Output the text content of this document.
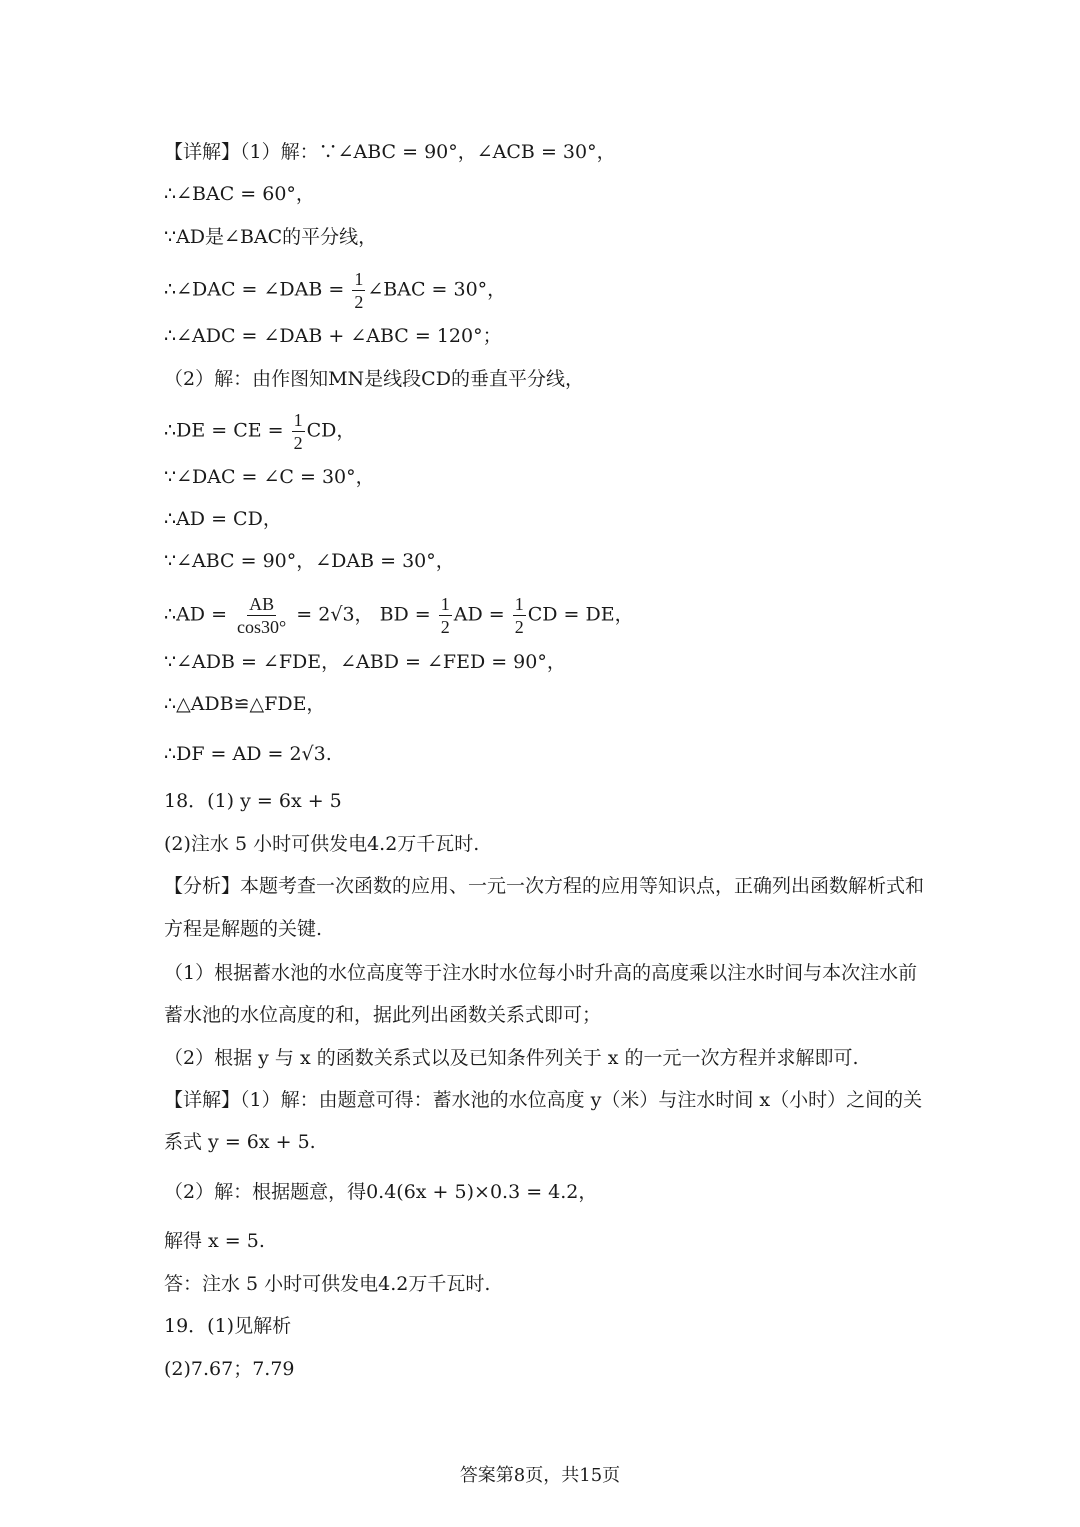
【详解】（1）解：∵∠ABC = 90°，∠ACB = 30°，
∴∠BAC = 60°，
∵AD是∠BAC的平分线，
∴∠DAC = ∠DAB = $\frac{1}{2}$ ∠BAC = 30°，
∴∠ADC = ∠DAB + ∠ABC = 120°；
（2）解：由作图知MN是线段CD的垂直平分线，
∴DE = CE = $\frac{1}{2}$ CD，
∵∠DAC = ∠C = 30°，
∴AD = CD，
∵∠ABC = 90°，∠DAB = 30°，
∴AD = $\frac{AB}{\cos 30^\circ} = 2√3$， BD = $\frac{1}{2}$ AD = $\frac{1}{2}$ CD = DE，
∵∠ADB = ∠FDE，∠ABD = ∠FED = 90°，
∴△ADB≌△FDE，
∴DF = AD = 2√3.
18．(1) y = 6x + 5
(2)注水 5 小时可供发电4.2万千瓦时.
【分析】本题考查一次函数的应用、一元一次方程的应用等知识点，正确列出函数解析式和
方程是解题的关键.
（1）根据蓄水池的水位高度等于注水时水位每小时升高的高度乘以注水时间与本次注水前
蓄水池的水位高度的和，据此列出函数关系式即可；
（2）根据 y 与 x 的函数关系式以及已知条件列关于 x 的一元一次方程并求解即可.
【详解】（1）解：由题意可得：蓄水池的水位高度 y（米）与注水时间 x（小时）之间的关
系式 y = 6x + 5.
（2）解：根据题意，得0.4(6x + 5)×0.3 = 4.2，
解得 x = 5.
答：注水 5 小时可供发电4.2万千瓦时.
19．(1)见解析
(2)7.67；7.79
答案第8页，共15页
